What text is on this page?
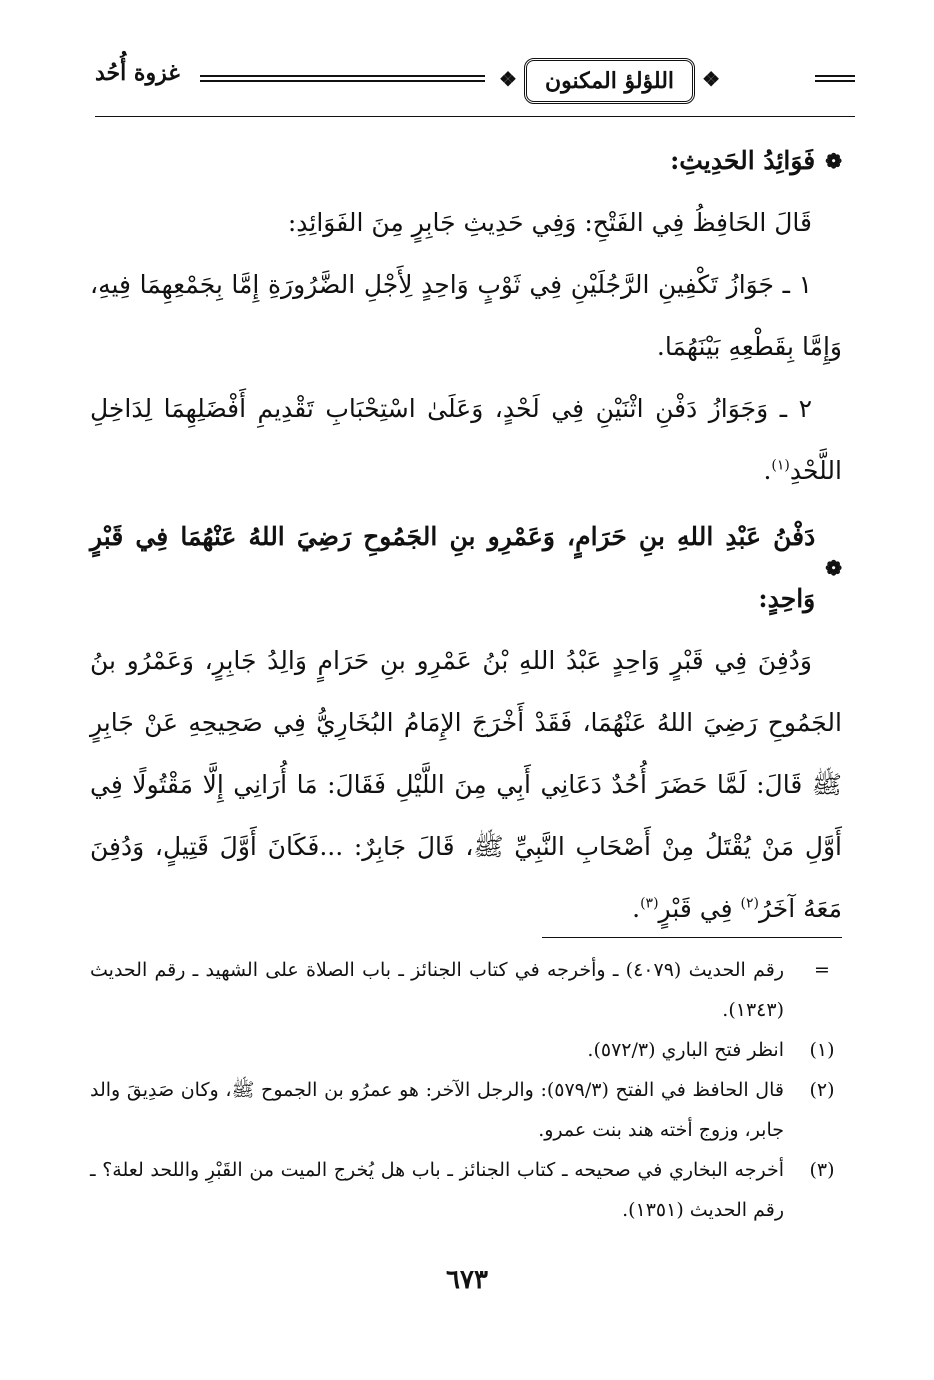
❖ اللؤلؤ المكنون ❖
غزوة أُحُد

❁
فَوَائِدُ الحَدِيثِ:

قَالَ الحَافِظُ فِي الفَتْحِ: وَفِي حَدِيثِ جَابِرٍ مِنَ الفَوَائِدِ:

١ ـ جَوَازُ تَكْفِينِ الرَّجُلَيْنِ فِي ثَوْبٍ وَاحِدٍ لِأَجْلِ الضَّرُورَةِ إِمَّا بِجَمْعِهِمَا فِيهِ، وَإِمَّا بِقَطْعِهِ بَيْنَهُمَا.

٢ ـ وَجَوَازُ دَفْنِ اثْنَيْنِ فِي لَحْدٍ، وَعَلَىٰ اسْتِحْبَابِ تَقْدِيمِ أَفْضَلِهِمَا لِدَاخِلِ اللَّحْدِ$^{(١)}$.

❁
دَفْنُ عَبْدِ اللهِ بنِ حَرَامٍ، وَعَمْرِو بنِ الجَمُوحِ رَضِيَ اللهُ عَنْهُمَا فِي قَبْرٍ وَاحِدٍ:

وَدُفِنَ فِي قَبْرٍ وَاحِدٍ عَبْدُ اللهِ بْنُ عَمْرِو بنِ حَرَامٍ وَالِدُ جَابِرٍ، وَعَمْرُو بنُ الجَمُوحِ رَضِيَ اللهُ عَنْهُمَا، فَقَدْ أَخْرَجَ الإِمَامُ البُخَارِيُّ فِي صَحِيحِهِ عَنْ جَابِرٍ ﷺ قَالَ: لَمَّا حَضَرَ أُحُدٌ دَعَانِي أَبِي مِنَ اللَّيْلِ فَقَالَ: مَا أُرَانِي إِلَّا مَقْتُولًا فِي أَوَّلِ مَنْ يُقْتَلُ مِنْ أَصْحَابِ النَّبِيِّ ﷺ، قَالَ جَابِرٌ: ...فَكَانَ أَوَّلَ قَتِيلٍ، وَدُفِنَ مَعَهُ آخَرُ$^{(٢)}$ فِي قَبْرٍ$^{(٣)}$.

=
رقم الحديث (٤٠٧٩) ـ وأخرجه في كتاب الجنائز ـ باب الصلاة على الشهيد ـ رقم الحديث (١٣٤٣).
(١)
انظر فتح الباري (٥٧٢/٣).
(٢)
قال الحافظ في الفتح (٥٧٩/٣): والرجل الآخر: هو عمرُو بن الجموح ﷺ، وكان صَدِيقَ والد جابر، وزوج أخته هند بنت عمرو.
(٣)
أخرجه البخاري في صحيحه ـ كتاب الجنائز ـ باب هل يُخرج الميت من القَبْرِ واللحد لعلة؟ ـ رقم الحديث (١٣٥١).
٦٧٣
